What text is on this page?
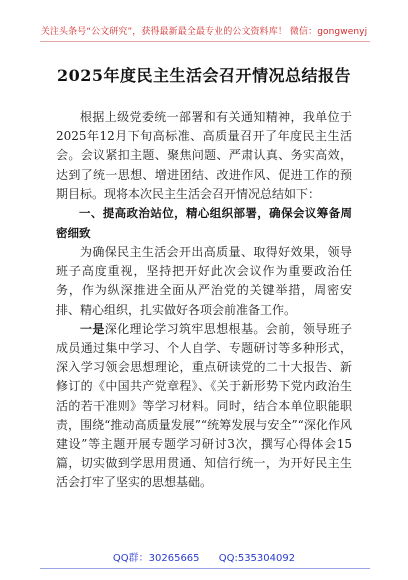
关注头条号“公文研究”，获得最新最全最专业的公文资料库！ 微信：gongwenyj
2025年度民主生活会召开情况总结报告

根据上级党委统一部署和有关通知精神，我单位于2025年12月下旬高标准、高质量召开了年度民主生活会。会议紧扣主题、聚焦问题、严肃认真、务实高效，达到了统一思想、增进团结、改进作风、促进工作的预期目标。现将本次民主生活会召开情况总结如下：

一、提高政治站位，精心组织部署，确保会议筹备周密细致

为确保民主生活会开出高质量、取得好效果，领导班子高度重视，坚持把开好此次会议作为重要政治任务，作为纵深推进全面从严治党的关键举措，周密安排、精心组织，扎实做好各项会前准备工作。

一是深化理论学习筑牢思想根基。会前，领导班子成员通过集中学习、个人自学、专题研讨等多种形式，深入学习领会思想理论，重点研读党的二十大报告、新修订的《中国共产党章程》、《关于新形势下党内政治生活的若干准则》等学习材料。同时，结合本单位职能职责，围绕“推动高质量发展”“统筹发展与安全”“深化作风建设”等主题开展专题学习研讨3次，撰写心得体会15篇，切实做到学思用贯通、知信行统一，为开好民主生活会打牢了坚实的思想基础。

QQ群：30265665 QQ:535304092
